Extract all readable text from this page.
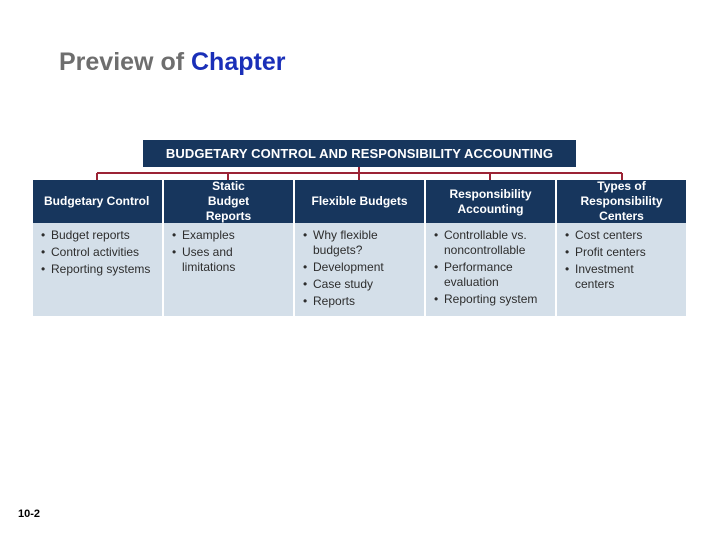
Preview of Chapter
BUDGETARY CONTROL AND RESPONSIBILITY ACCOUNTING
Budgetary Control
• Budget reports
• Control activities
• Reporting systems
Static Budget Reports
• Examples
• Uses and limitations
Flexible Budgets
• Why flexible budgets?
• Development
• Case study
• Reports
Responsibility Accounting
• Controllable vs. noncontrollable
• Performance evaluation
• Reporting system
Types of Responsibility Centers
• Cost centers
• Profit centers
• Investment centers
10-2
